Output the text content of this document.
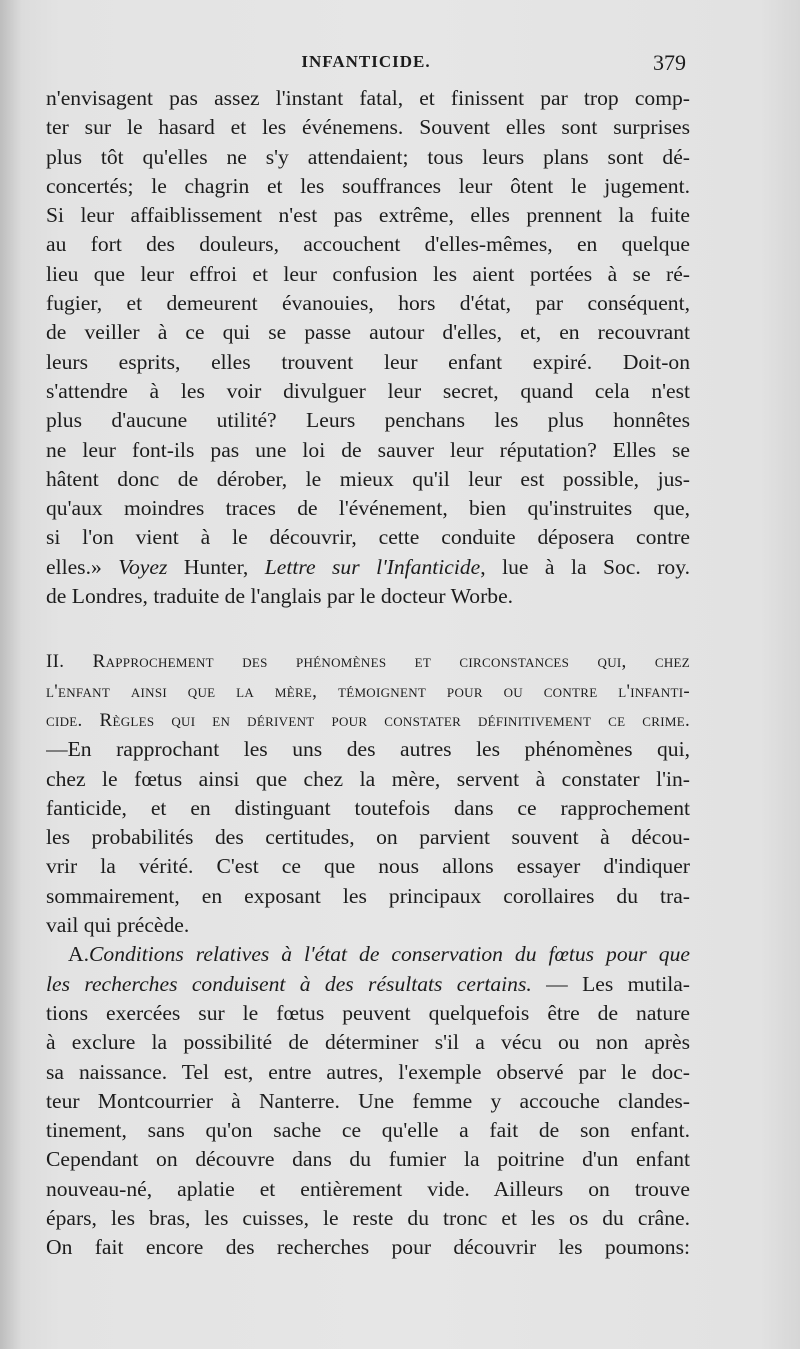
INFANTICIDE.	379
n'envisagent pas assez l'instant fatal, et finissent par trop comp-
ter sur le hasard et les événemens. Souvent elles sont surprises
plus tôt qu'elles ne s'y attendaient; tous leurs plans sont dé-
concertés; le chagrin et les souffrances leur ôtent le jugement.
Si leur affaiblissement n'est pas extrême, elles prennent la fuite
au fort des douleurs, accouchent d'elles-mêmes, en quelque
lieu que leur effroi et leur confusion les aient portées à se ré-
fugier, et demeurent évanouies, hors d'état, par conséquent,
de veiller à ce qui se passe autour d'elles, et, en recouvrant
leurs esprits, elles trouvent leur enfant expiré. Doit-on
s'attendre à les voir divulguer leur secret, quand cela n'est
plus d'aucune utilité? Leurs penchans les plus honnêtes
ne leur font-ils pas une loi de sauver leur réputation? Elles se
hâtent donc de dérober, le mieux qu'il leur est possible, jus-
qu'aux moindres traces de l'événement, bien qu'instruites que,
si l'on vient à le découvrir, cette conduite déposera contre
elles.» Voyez Hunter, Lettre sur l'Infanticide, lue à la Soc. roy.
de Londres, traduite de l'anglais par le docteur Worbe.
II. Rapprochement des phénomènes et circonstances qui, chez
l'enfant ainsi que la mère, témoignent pour ou contre l'infanti-
cide. Règles qui en dérivent pour constater définitivement ce crime.
—En rapprochant les uns des autres les phénomènes qui,
chez le fœtus ainsi que chez la mère, servent à constater l'in-
fanticide, et en distinguant toutefois dans ce rapprochement
les probabilités des certitudes, on parvient souvent à décou-
vrir la vérité. C'est ce que nous allons essayer d'indiquer
sommairement, en exposant les principaux corollaires du tra-
vail qui précède.
A.Conditions relatives à l'état de conservation du fœtus pour que
les recherches conduisent à des résultats certains. — Les mutila-
tions exercées sur le fœtus peuvent quelquefois être de nature
à exclure la possibilité de déterminer s'il a vécu ou non après
sa naissance. Tel est, entre autres, l'exemple observé par le doc-
teur Montcourrier à Nanterre. Une femme y accouche clandes-
tinement, sans qu'on sache ce qu'elle a fait de son enfant.
Cependant on découvre dans du fumier la poitrine d'un enfant
nouveau-né, aplatie et entièrement vide. Ailleurs on trouve
épars, les bras, les cuisses, le reste du tronc et les os du crâne.
On fait encore des recherches pour découvrir les poumons:
